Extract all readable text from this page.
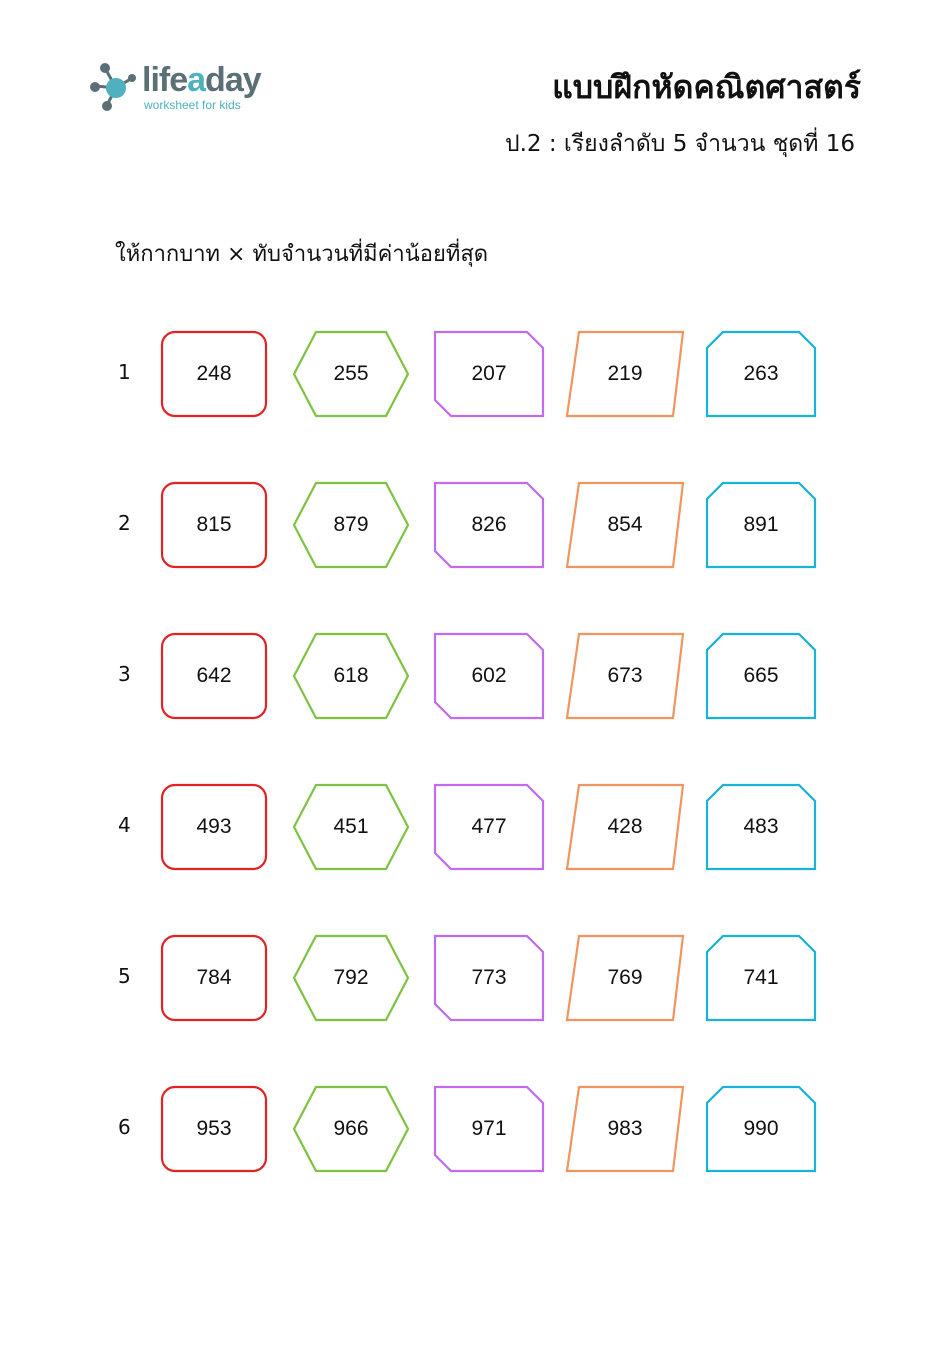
lifeaday
worksheet for kids	แบบฝึกหัดคณิตศาสตร์
ป.2 : เรียงลำดับ 5 จำนวน ชุดที่ 16
ให้กากบาท × ทับจำนวนที่มีค่าน้อยที่สุด
1	248	255	207	219	263
2	815	879	826	854	891
3	642	618	602	673	665
4	493	451	477	428	483
5	784	792	773	769	741
6	953	966	971	983	990
